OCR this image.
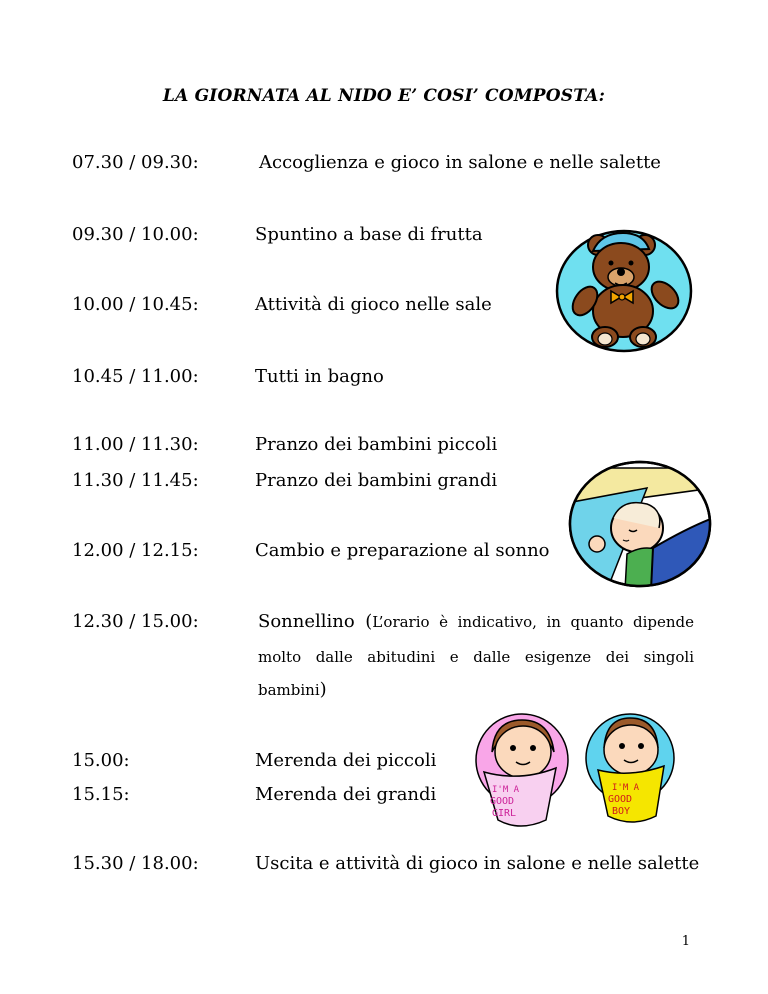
LA GIORNATA AL NIDO E’ COSI’ COMPOSTA:
07.30 / 09.30:	Accoglienza e gioco in salone e nelle salette
09.30 / 10.00:	Spuntino a base di frutta
10.00 / 10.45:	Attività di gioco nelle sale
10.45 / 11.00:	Tutti in bagno
11.00 / 11.30:	Pranzo dei bambini piccoli
11.30 / 11.45:	Pranzo dei bambini grandi
12.00 / 12.15:	Cambio e preparazione al sonno
12.30 / 15.00:	Sonnellino (L’orario è indicativo, in quanto dipende
molto dalle abitudini e dalle esigenze dei singoli
bambini)
15.00:	Merenda dei piccoli
15.15:	Merenda dei grandi
15.30 / 18.00:	Uscita e attività di gioco in salone e nelle salette
I'M A
GOOD
GIRL
I'M A
GOOD
BOY
1
